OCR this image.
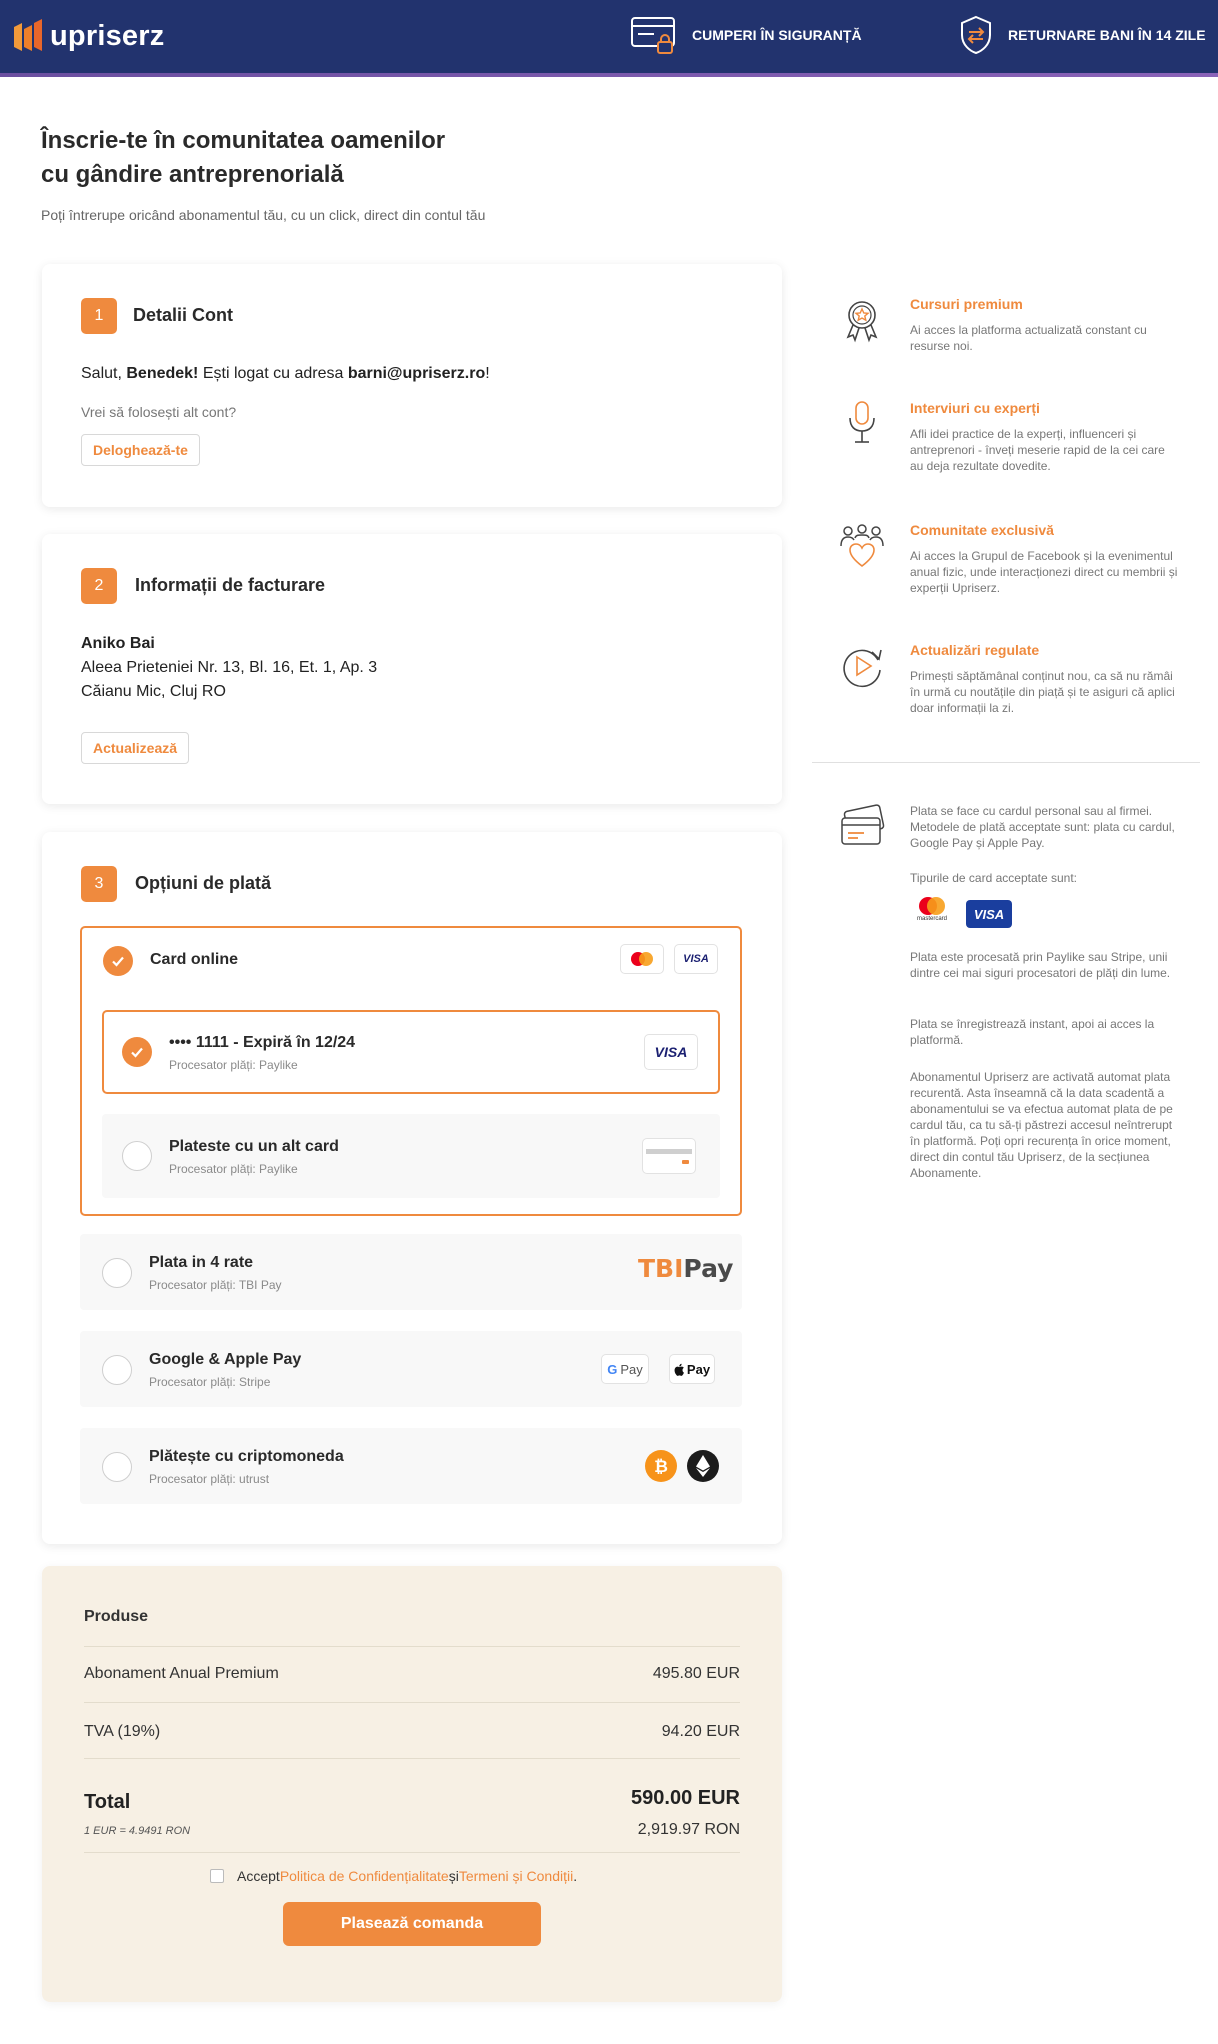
upriserz	CUMPERI ÎN SIGURANȚĂ	RETURNARE BANI ÎN 14 ZILE
Înscrie-te în comunitatea oamenilor
cu gândire antreprenorială
Poți întrerupe oricând abonamentul tău, cu un click, direct din contul tău
1	Detalii Cont
Salut, Benedek! Ești logat cu adresa barni@upriserz.ro!
Vrei să folosești alt cont?
Deloghează-te
2	Informații de facturare
Aniko Bai
Aleea Prieteniei Nr. 13, Bl. 16, Et. 1, Ap. 3
Căianu Mic, Cluj RO
Actualizează
3	Opțiuni de plată
Card online	VISA
•••• 1111 - Expiră în 12/24
Procesator plăți: Paylike
VISA
Plateste cu un alt card
Procesator plăți: Paylike
Plata in 4 rate
Procesator plăți: TBI Pay
TBIPay
Google & Apple Pay
Procesator plăți: Stripe
G Pay	Pay
Plătește cu criptomoneda
Procesator plăți: utrust
₿
Cursuri premium
Ai acces la platforma actualizată constant cu resurse noi.
Interviuri cu experți
Afli idei practice de la experți, influenceri și antreprenori - înveți meserie rapid de la cei care au deja rezultate dovedite.
Comunitate exclusivă
Ai acces la Grupul de Facebook și la evenimentul anual fizic, unde interacționezi direct cu membrii și experții Upriserz.
Actualizări regulate
Primești săptămânal conținut nou, ca să nu rămâi în urmă cu noutățile din piață și te asiguri că aplici doar informații la zi.
Plata se face cu cardul personal sau al firmei. Metodele de plată acceptate sunt: plata cu cardul, Google Pay și Apple Pay.
Tipurile de card acceptate sunt:
mastercard	VISA
Plata este procesată prin Paylike sau Stripe, unii dintre cei mai siguri procesatori de plăți din lume.
Plata se înregistrează instant, apoi ai acces la platformă.
Abonamentul Upriserz are activată automat plata recurentă. Asta înseamnă că la data scadentă a abonamentului se va efectua automat plata de pe cardul tău, ca tu să-ți păstrezi accesul neîntrerupt în platformă. Poți opri recurența în orice moment, direct din contul tău Upriserz, de la secțiunea Abonamente.
Produse
Abonament Anual Premium	495.80 EUR
TVA (19%)	94.20 EUR
Total	590.00 EUR
1 EUR = 4.9491 RON	2,919.97 RON
Accept Politica de Confidențialitate și Termeni și Condiții .
Plasează comanda
